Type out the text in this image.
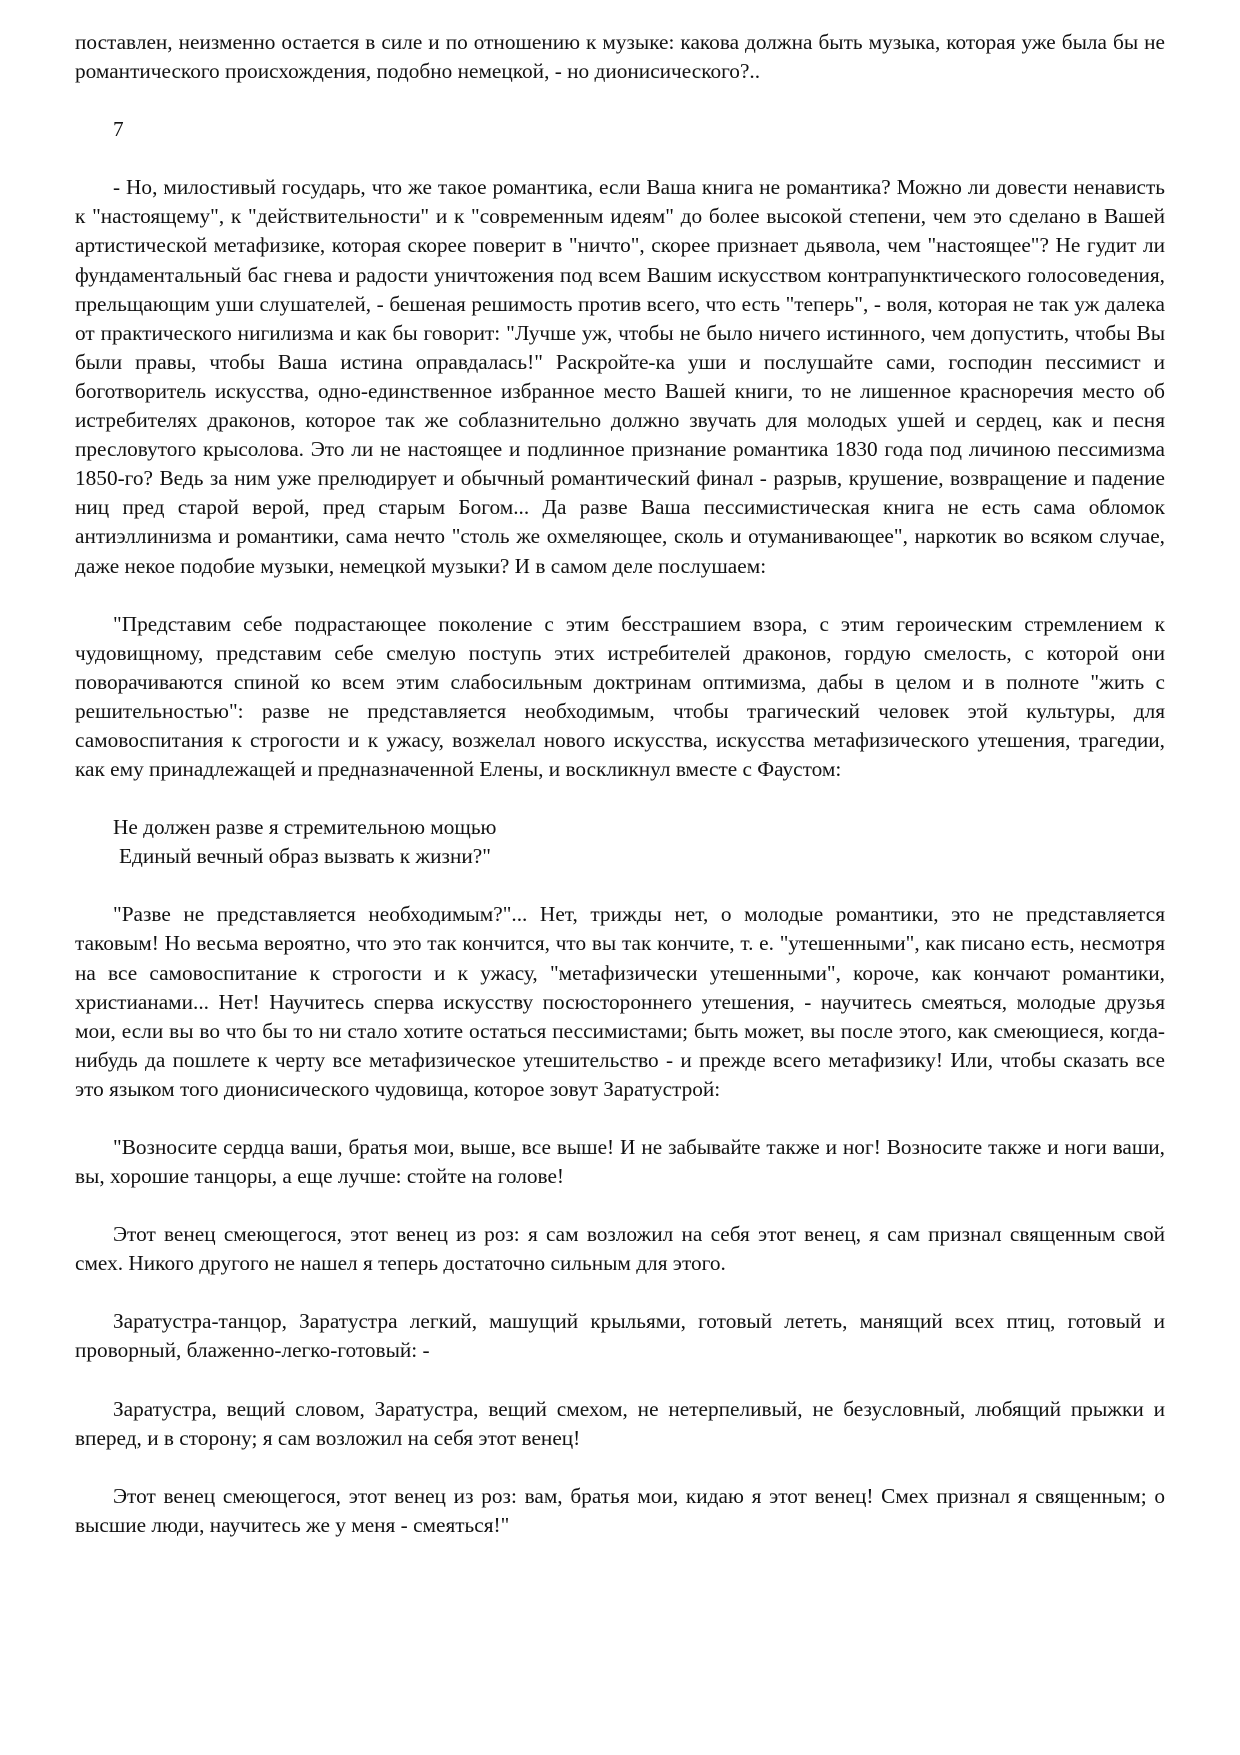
поставлен, неизменно остается в силе и по отношению к музыке: какова должна быть музыка, которая уже была бы не романтического происхождения, подобно немецкой, - но дионисического?..

7

- Но, милостивый государь, что же такое романтика, если Ваша книга не романтика? Можно ли довести ненависть к "настоящему", к "действительности" и к "современным идеям" до более высокой степени, чем это сделано в Вашей артистической метафизике, которая скорее поверит в "ничто", скорее признает дьявола, чем "настоящее"? Не гудит ли фундаментальный бас гнева и радости уничтожения под всем Вашим искусством контрапунктического голосоведения, прельщающим уши слушателей, - бешеная решимость против всего, что есть "теперь", - воля, которая не так уж далека от практического нигилизма и как бы говорит: "Лучше уж, чтобы не было ничего истинного, чем допустить, чтобы Вы были правы, чтобы Ваша истина оправдалась!" Раскройте-ка уши и послушайте сами, господин пессимист и боготворитель искусства, одно-единственное избранное место Вашей книги, то не лишенное красноречия место об истребителях драконов, которое так же соблазнительно должно звучать для молодых ушей и сердец, как и песня пресловутого крысолова. Это ли не настоящее и подлинное признание романтика 1830 года под личиною пессимизма 1850-го? Ведь за ним уже прелюдирует и обычный романтический финал - разрыв, крушение, возвращение и падение ниц пред старой верой, пред старым Богом... Да разве Ваша пессимистическая книга не есть сама обломок антиэллинизма и романтики, сама нечто "столь же охмеляющее, сколь и отуманивающее", наркотик во всяком случае, даже некое подобие музыки, немецкой музыки? И в самом деле послушаем:

"Представим себе подрастающее поколение с этим бесстрашием взора, с этим героическим стремлением к чудовищному, представим себе смелую поступь этих истребителей драконов, гордую смелость, с которой они поворачиваются спиной ко всем этим слабосильным доктринам оптимизма, дабы в целом и в полноте "жить с решительностью": разве не представляется необходимым, чтобы трагический человек этой культуры, для самовоспитания к строгости и к ужасу, возжелал нового искусства, искусства метафизического утешения, трагедии, как ему принадлежащей и предназначенной Елены, и воскликнул вместе с Фаустом:

Не должен разве я стремительною мощью
Единый вечный образ вызвать к жизни?"

"Разве не представляется необходимым?"... Нет, трижды нет, о молодые романтики, это не представляется таковым! Но весьма вероятно, что это так кончится, что вы так кончите, т. е. "утешенными", как писано есть, несмотря на все самовоспитание к строгости и к ужасу, "метафизически утешенными", короче, как кончают романтики, христианами... Нет! Научитесь сперва искусству посюстороннего утешения, - научитесь смеяться, молодые друзья мои, если вы во что бы то ни стало хотите остаться пессимистами; быть может, вы после этого, как смеющиеся, когда-нибудь да пошлете к черту все метафизическое утешительство - и прежде всего метафизику! Или, чтобы сказать все это языком того дионисического чудовища, которое зовут Заратустрой:

"Возносите сердца ваши, братья мои, выше, все выше! И не забывайте также и ног! Возносите также и ноги ваши, вы, хорошие танцоры, а еще лучше: стойте на голове!

Этот венец смеющегося, этот венец из роз: я сам возложил на себя этот венец, я сам признал священным свой смех. Никого другого не нашел я теперь достаточно сильным для этого.

Заратустра-танцор, Заратустра легкий, машущий крыльями, готовый лететь, манящий всех птиц, готовый и проворный, блаженно-легко-готовый: -

Заратустра, вещий словом, Заратустра, вещий смехом, не нетерпеливый, не безусловный, любящий прыжки и вперед, и в сторону; я сам возложил на себя этот венец!

Этот венец смеющегося, этот венец из роз: вам, братья мои, кидаю я этот венец! Смех признал я священным; о высшие люди, научитесь же у меня - смеяться!"
